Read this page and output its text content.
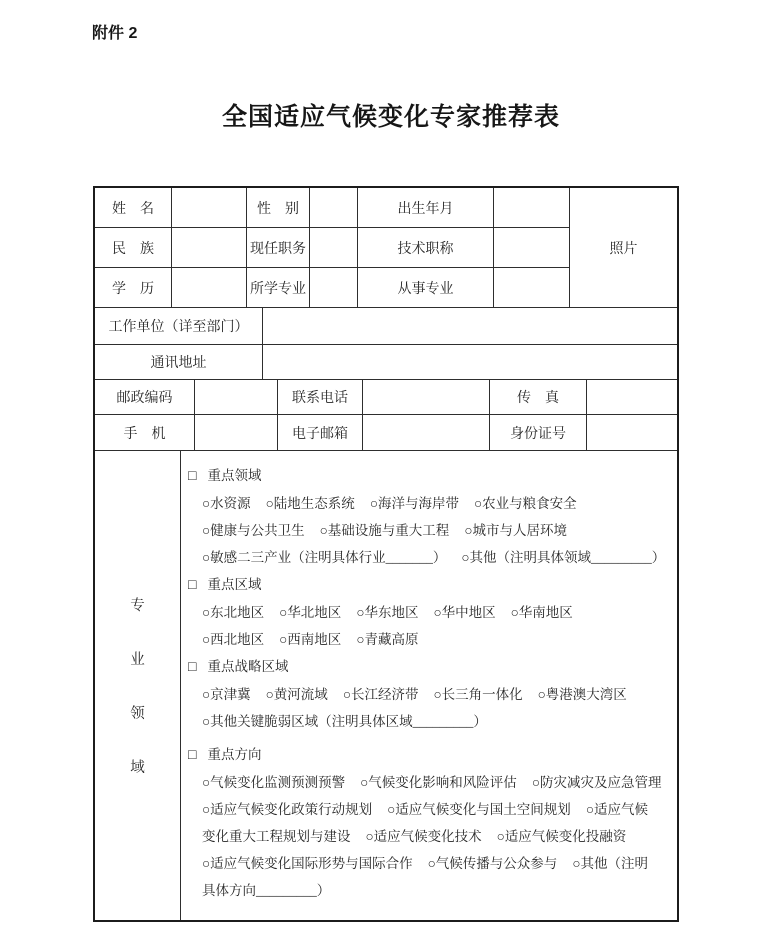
附件 2
全国适应气候变化专家推荐表
照片
姓　名	性　别	出生年月
民　族	现任职务	技术职称
学　历	所学专业	从事专业
工作单位（详至部门）
通讯地址
邮政编码	联系电话	传　真
手　机	电子邮箱	身份证号
专
业
领
域
□ 重点领域
○水资源 ○陆地生态系统 ○海洋与海岸带 ○农业与粮食安全
○健康与公共卫生 ○基础设施与重大工程 ○城市与人居环境
○敏感二三产业（注明具体行业_______） ○其他（注明具体领域_________）
□ 重点区域
○东北地区 ○华北地区 ○华东地区 ○华中地区 ○华南地区
○西北地区 ○西南地区 ○青藏高原
□ 重点战略区域
○京津冀 ○黄河流域 ○长江经济带 ○长三角一体化 ○粤港澳大湾区
○其他关键脆弱区域（注明具体区域_________）
□ 重点方向
○气候变化监测预测预警 ○气候变化影响和风险评估 ○防灾减灾及应急管理
○适应气候变化政策行动规划 ○适应气候变化与国土空间规划 ○适应气候
变化重大工程规划与建设 ○适应气候变化技术 ○适应气候变化投融资
○适应气候变化国际形势与国际合作 ○气候传播与公众参与 ○其他（注明
具体方向_________）
